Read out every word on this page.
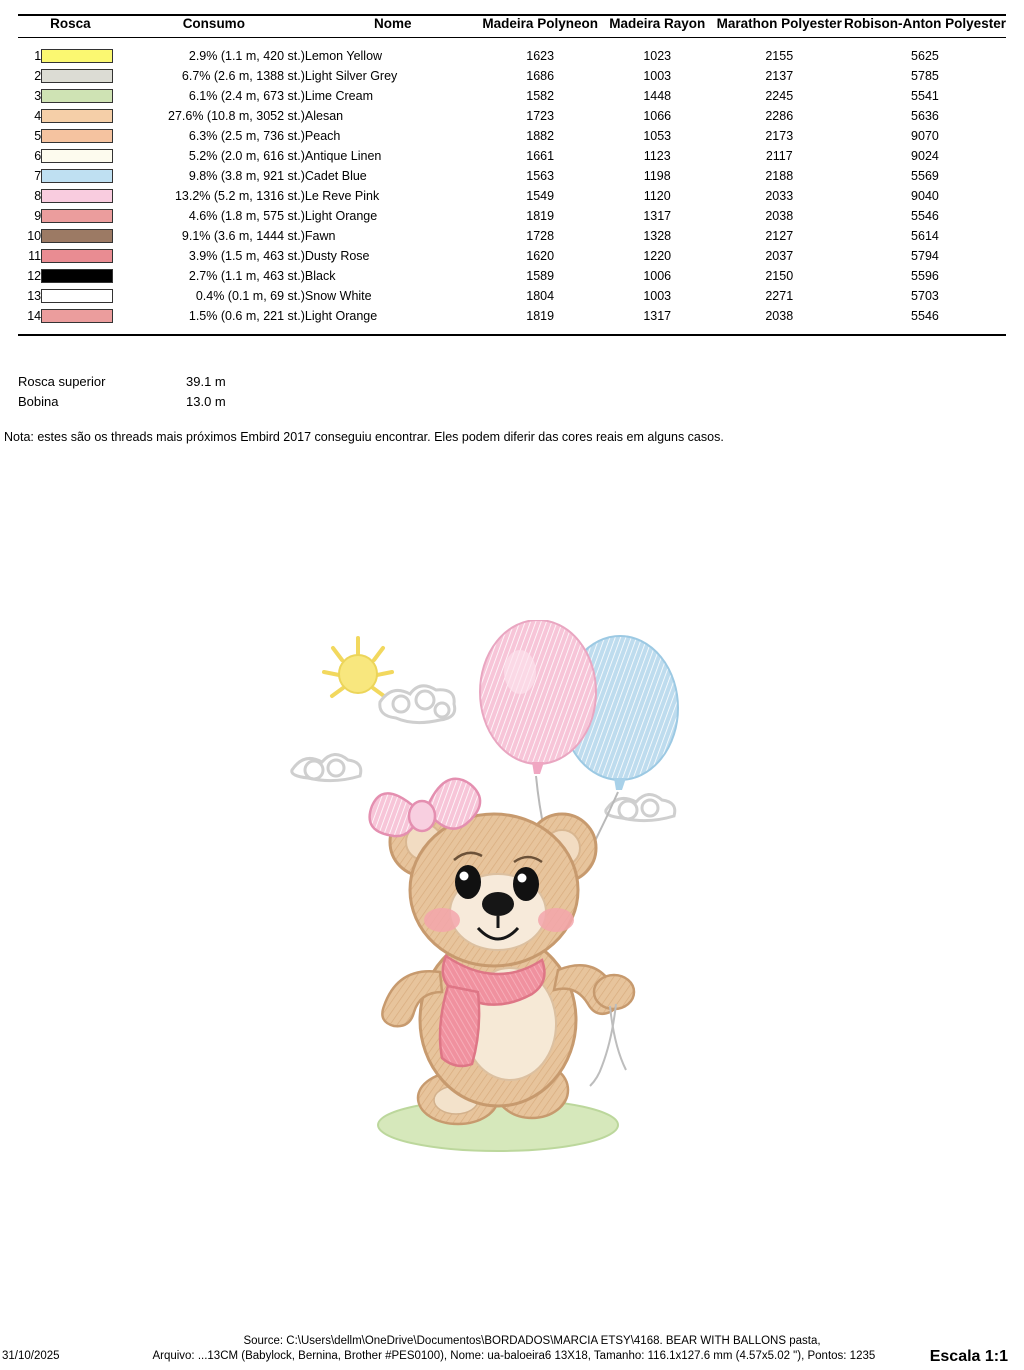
Rosca		Consumo	Nome	Madeira Polyneon	Madeira Rayon	Marathon Polyester	Robison-Anton Polyester

1		2.9% (1.1 m, 420 st.)	Lemon Yellow	1623	1023	2155	5625
2		6.7% (2.6 m, 1388 st.)	Light Silver Grey	1686	1003	2137	5785
3		6.1% (2.4 m, 673 st.)	Lime Cream	1582	1448	2245	5541
4		27.6% (10.8 m, 3052 st.)	Alesan	1723	1066	2286	5636
5		6.3% (2.5 m, 736 st.)	Peach	1882	1053	2173	9070
6		5.2% (2.0 m, 616 st.)	Antique Linen	1661	1123	2117	9024
7		9.8% (3.8 m, 921 st.)	Cadet Blue	1563	1198	2188	5569
8		13.2% (5.2 m, 1316 st.)	Le Reve Pink	1549	1120	2033	9040
9		4.6% (1.8 m, 575 st.)	Light Orange	1819	1317	2038	5546
10		9.1% (3.6 m, 1444 st.)	Fawn	1728	1328	2127	5614
11		3.9% (1.5 m, 463 st.)	Dusty Rose	1620	1220	2037	5794
12		2.7% (1.1 m, 463 st.)	Black	1589	1006	2150	5596
13		0.4% (0.1 m, 69 st.)	Snow White	1804	1003	2271	5703
14		1.5% (0.6 m, 221 st.)	Light Orange	1819	1317	2038	5546

Rosca superior	39.1 m
Bobina	13.0 m
Nota: estes são os threads mais próximos Embird 2017 conseguiu encontrar. Eles podem diferir das cores reais em alguns casos.
Source: C:\Users\dellm\OneDrive\Documentos\BORDADOS\MARCIA ETSY\4168. BEAR WITH BALLONS pasta,
31/10/2025	Arquivo: ...13CM (Babylock, Bernina, Brother #PES0100), Nome: ua-baloeira6 13X18, Tamanho: 116.1x127.6 mm (4.57x5.02 "), Pontos: 1235	Escala 1:1
